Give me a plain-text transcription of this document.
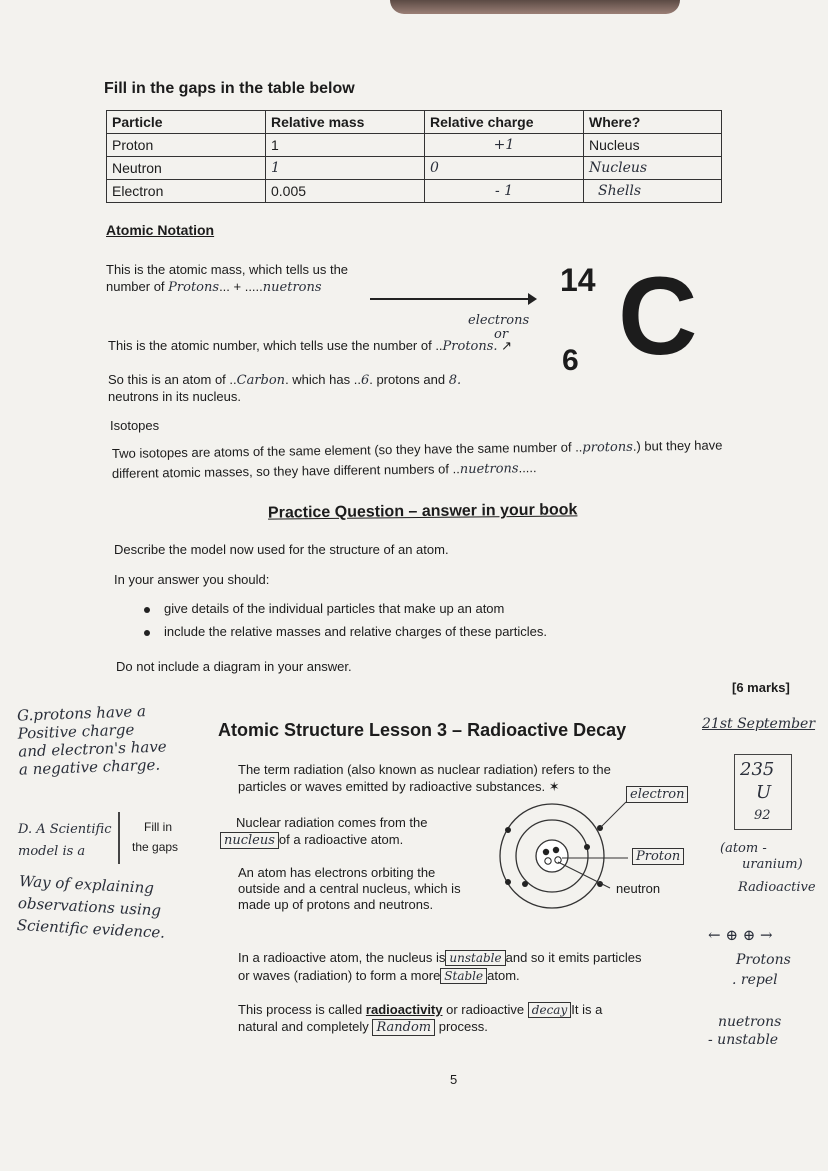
Fill in the gaps in the table below
Particle	Relative mass	Relative charge	Where?
Proton	1	+1	Nucleus
Neutron	1	0	Nucleus
Electron	0.005	- 1	Shells
Atomic Notation
This is the atomic mass, which tells us the
number of Protons... + .....nuetrons	14 C
6
electrons
or
This is the atomic number, which tells use the number of ..Protons. ↗
So this is an atom of ..Carbon. which has ..6. protons and 8.
neutrons in its nucleus.
Isotopes
Two isotopes are atoms of the same element (so they have the same number of ..protons.) but they have
different atomic masses, so they have different numbers of ..nuetrons.....
Practice Question – answer in your book
Describe the model now used for the structure of an atom.
In your answer you should:
give details of the individual particles that make up an atom
include the relative masses and relative charges of these particles.
Do not include a diagram in your answer.
[6 marks]
G.protons have a
Positive charge
and electron's have
a negative charge.
D. A Scientific
model is a
Fill in
the gaps
Way of explaining
observations using
Scientific evidence.
Atomic Structure Lesson 3 – Radioactive Decay	21st September
The term radiation (also known as nuclear radiation) refers to the
particles or waves emitted by radioactive substances. ✶
electron
Nuclear radiation comes from the
nucleus of a radioactive atom.
An atom has electrons orbiting the
outside and a central nucleus, which is
made up of protons and neutrons.
Proton
neutron
In a radioactive atom, the nucleus is unstable and so it emits particles
or waves (radiation) to form a more Stable atom.
This process is called radioactivity or radioactive decay It is a
natural and completely Random process.
5
235
U
92
(atom -
uranium)
Radioactive
← ⊕ ⊕ →
Protons
. repel
nuetrons
- unstable
